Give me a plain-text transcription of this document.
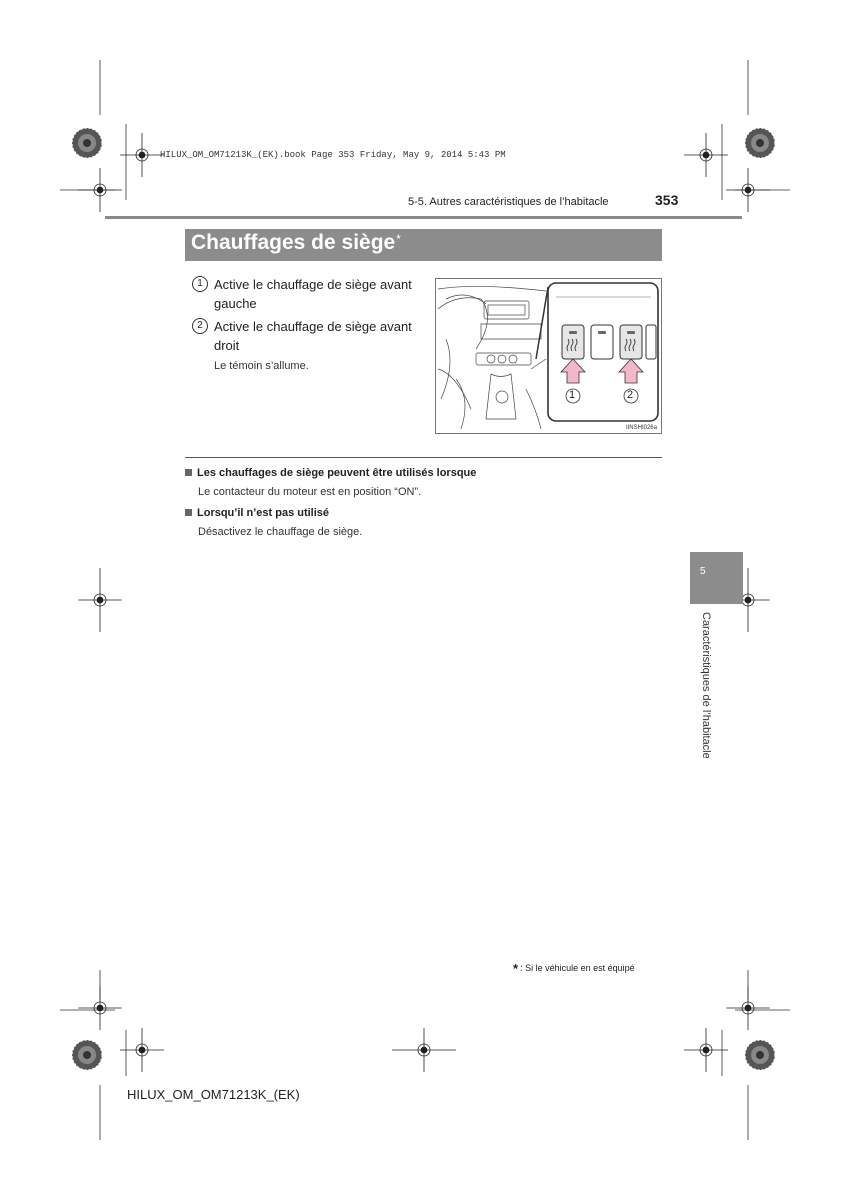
HILUX_OM_OM71213K_(EK).book Page 353 Friday, May 9, 2014 5:43 PM
5-5. Autres caractéristiques de l’habitacle	353
Chauffages de siège*
1 Active le chauffage de siège avant gauche
2 Active le chauffage de siège avant droit
Le témoin s’allume.
1	2
IINSHI026a
Les chauffages de siège peuvent être utilisés lorsque
Le contacteur du moteur est en position “ON”.
Lorsqu’il n’est pas utilisé
Désactivez le chauffage de siège.
5
Caractéristiques de l’habitacle
* : Si le véhicule en est équipé
HILUX_OM_OM71213K_(EK)
